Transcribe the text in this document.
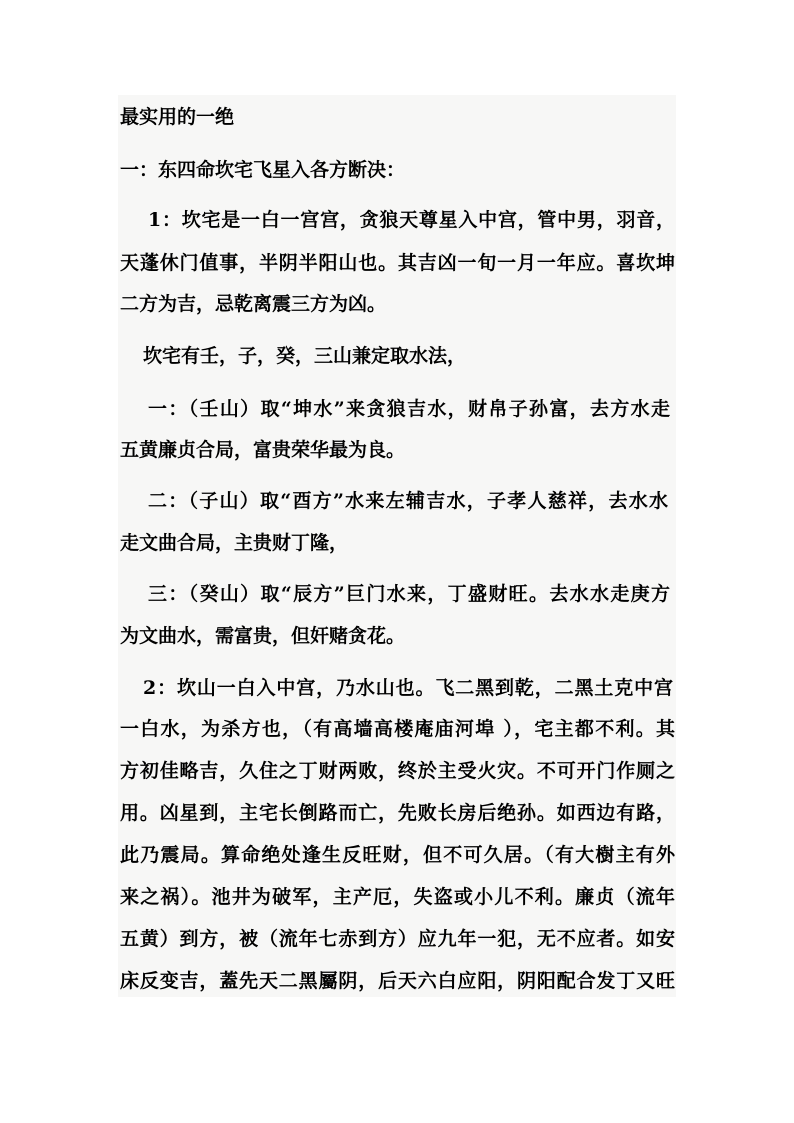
最实用的一绝
一：东四命坎宅飞星入各方断决：
1：坎宅是一白一宫宫，贪狼天尊星入中宫，管中男，羽音，
天蓬休门值事，半阴半阳山也。其吉凶一旬一月一年应。喜坎坤
二方为吉，忌乾离震三方为凶。
坎宅有壬，子，癸，三山兼定取水法，
一：（壬山）取“坤水”来贪狼吉水，财帛子孙富，去方水走
五黄廉贞合局，富贵荣华最为良。
二：（子山）取“酉方”水来左辅吉水，子孝人慈祥，去水水
走文曲合局，主贵财丁隆，
三：（癸山）取“辰方”巨门水来，丁盛财旺。去水水走庚方
为文曲水，需富贵，但奸赌贪花。
2：坎山一白入中宫，乃水山也。飞二黑到乾，二黑土克中宫
一白水，为杀方也，（有高墙高楼庵庙河埠 ），宅主都不利。其
方初佳略吉，久住之丁财两败，终於主受火灾。不可开门作厕之
用。凶星到，主宅长倒路而亡，先败长房后绝孙。如西边有路，
此乃震局。算命绝处逢生反旺财，但不可久居。（有大樹主有外
来之祸）。池井为破军，主产厄，失盗或小儿不利。廉贞（流年
五黄）到方，被（流年七赤到方）应九年一犯，无不应者。如安
床反变吉，蓋先天二黑屬阴，后天六白应阳，阴阳配合发丁又旺
